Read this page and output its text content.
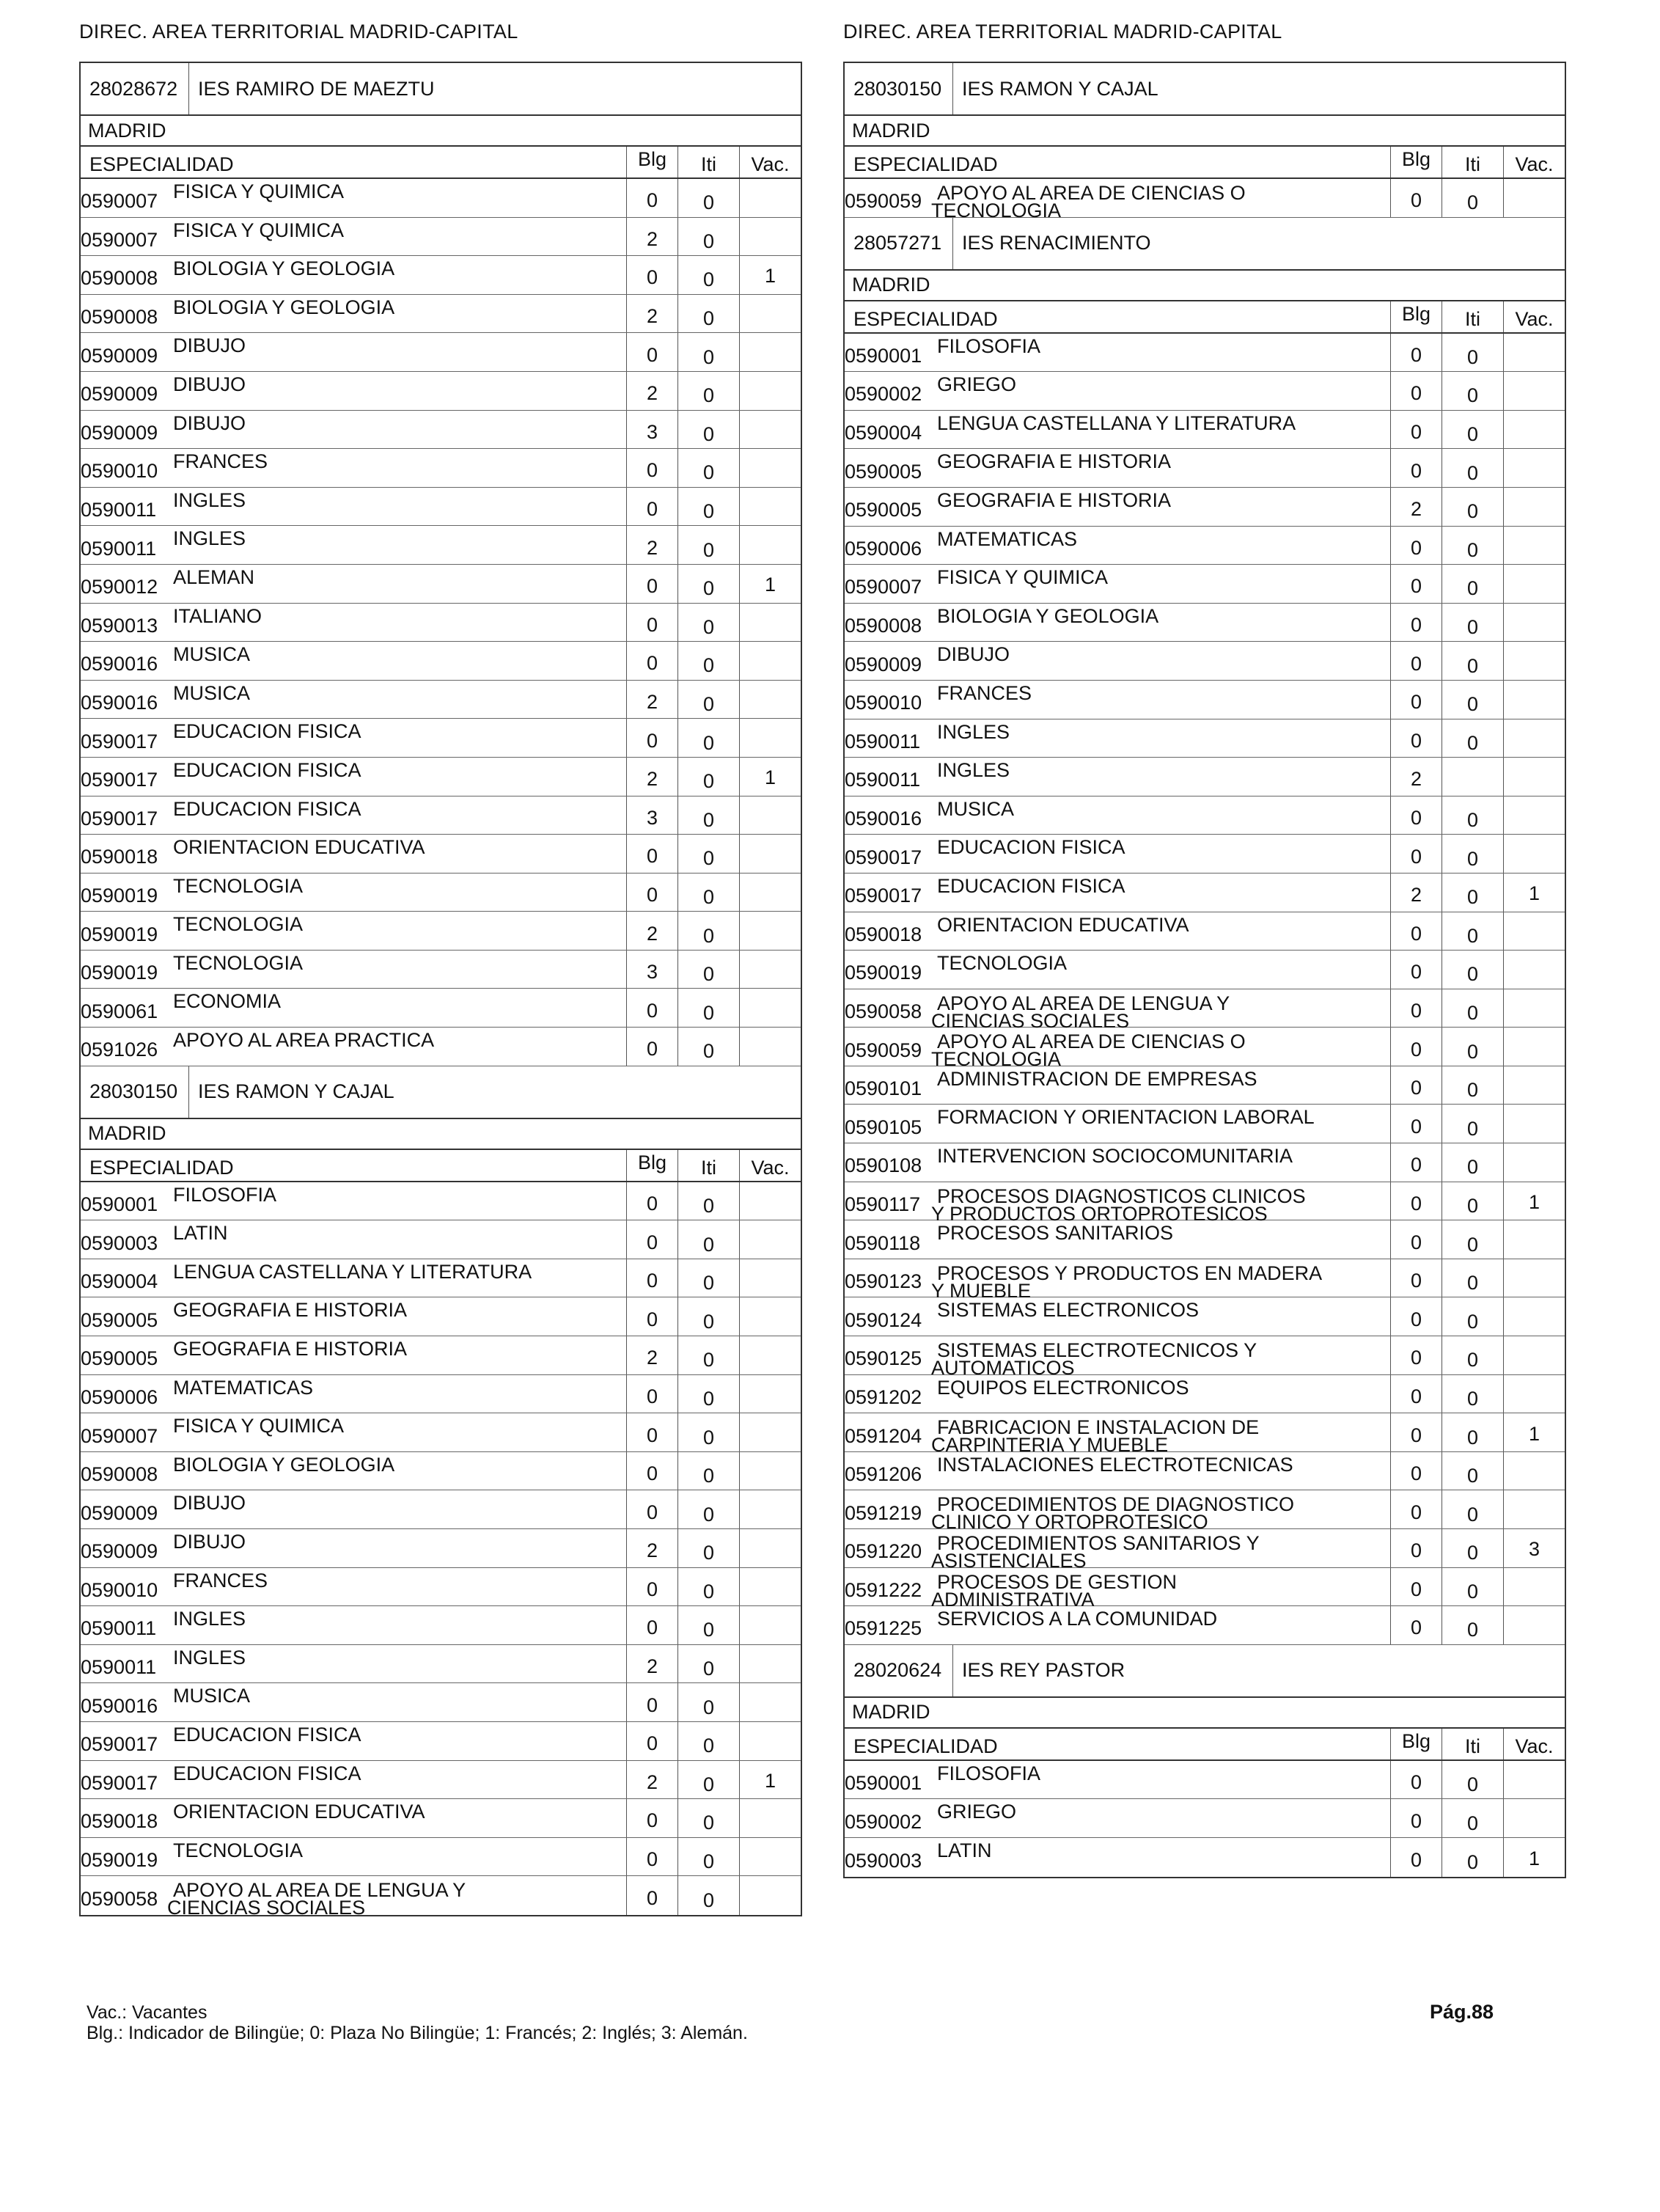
DIREC. AREA TERRITORIAL MADRID-CAPITAL
28028672	IES RAMIRO DE MAEZTU
MADRID
ESPECIALIDAD	Blg	Iti	Vac.
0590007 FISICA Y QUIMICA	0	0
0590007 FISICA Y QUIMICA	2	0
0590008 BIOLOGIA Y GEOLOGIA	0	0	1
0590008 BIOLOGIA Y GEOLOGIA	2	0
0590009 DIBUJO	0	0
0590009 DIBUJO	2	0
0590009 DIBUJO	3	0
0590010 FRANCES	0	0
0590011 INGLES	0	0
0590011 INGLES	2	0
0590012 ALEMAN	0	0	1
0590013 ITALIANO	0	0
0590016 MUSICA	0	0
0590016 MUSICA	2	0
0590017 EDUCACION FISICA	0	0
0590017 EDUCACION FISICA	2	0	1
0590017 EDUCACION FISICA	3	0
0590018 ORIENTACION EDUCATIVA	0	0
0590019 TECNOLOGIA	0	0
0590019 TECNOLOGIA	2	0
0590019 TECNOLOGIA	3	0
0590061 ECONOMIA	0	0
0591026 APOYO AL AREA PRACTICA	0	0
28030150	IES RAMON Y CAJAL
MADRID
ESPECIALIDAD	Blg	Iti	Vac.
0590001 FILOSOFIA	0	0
0590003 LATIN	0	0
0590004 LENGUA CASTELLANA Y LITERATURA	0	0
0590005 GEOGRAFIA E HISTORIA	0	0
0590005 GEOGRAFIA E HISTORIA	2	0
0590006 MATEMATICAS	0	0
0590007 FISICA Y QUIMICA	0	0
0590008 BIOLOGIA Y GEOLOGIA	0	0
0590009 DIBUJO	0	0
0590009 DIBUJO	2	0
0590010 FRANCES	0	0
0590011 INGLES	0	0
0590011 INGLES	2	0
0590016 MUSICA	0	0
0590017 EDUCACION FISICA	0	0
0590017 EDUCACION FISICA	2	0	1
0590018 ORIENTACION EDUCATIVA	0	0
0590019 TECNOLOGIA	0	0
0590058 APOYO AL AREA DE LENGUA Y
CIENCIAS SOCIALES	0	0
DIREC. AREA TERRITORIAL MADRID-CAPITAL
28030150	IES RAMON Y CAJAL
MADRID
ESPECIALIDAD	Blg	Iti	Vac.
0590059 APOYO AL AREA DE CIENCIAS O
TECNOLOGIA	0	0
28057271	IES RENACIMIENTO
MADRID
ESPECIALIDAD	Blg	Iti	Vac.
0590001 FILOSOFIA	0	0
0590002 GRIEGO	0	0
0590004 LENGUA CASTELLANA Y LITERATURA	0	0
0590005 GEOGRAFIA E HISTORIA	0	0
0590005 GEOGRAFIA E HISTORIA	2	0
0590006 MATEMATICAS	0	0
0590007 FISICA Y QUIMICA	0	0
0590008 BIOLOGIA Y GEOLOGIA	0	0
0590009 DIBUJO	0	0
0590010 FRANCES	0	0
0590011 INGLES	0	0
0590011 INGLES	2
0590016 MUSICA	0	0
0590017 EDUCACION FISICA	0	0
0590017 EDUCACION FISICA	2	0	1
0590018 ORIENTACION EDUCATIVA	0	0
0590019 TECNOLOGIA	0	0
0590058 APOYO AL AREA DE LENGUA Y
CIENCIAS SOCIALES	0	0
0590059 APOYO AL AREA DE CIENCIAS O
TECNOLOGIA	0	0
0590101 ADMINISTRACION DE EMPRESAS	0	0
0590105 FORMACION Y ORIENTACION LABORAL	0	0
0590108 INTERVENCION SOCIOCOMUNITARIA	0	0
0590117 PROCESOS DIAGNOSTICOS CLINICOS
Y PRODUCTOS ORTOPROTESICOS	0	0	1
0590118 PROCESOS SANITARIOS	0	0
0590123 PROCESOS Y PRODUCTOS EN MADERA
Y MUEBLE	0	0
0590124 SISTEMAS ELECTRONICOS	0	0
0590125 SISTEMAS ELECTROTECNICOS Y
AUTOMATICOS	0	0
0591202 EQUIPOS ELECTRONICOS	0	0
0591204 FABRICACION E INSTALACION DE
CARPINTERIA Y MUEBLE	0	0	1
0591206 INSTALACIONES ELECTROTECNICAS	0	0
0591219 PROCEDIMIENTOS DE DIAGNOSTICO
CLINICO Y ORTOPROTESICO	0	0
0591220 PROCEDIMIENTOS SANITARIOS Y
ASISTENCIALES	0	0	3
0591222 PROCESOS DE GESTION
ADMINISTRATIVA	0	0
0591225 SERVICIOS A LA COMUNIDAD	0	0
28020624	IES REY PASTOR
MADRID
ESPECIALIDAD	Blg	Iti	Vac.
0590001 FILOSOFIA	0	0
0590002 GRIEGO	0	0
0590003 LATIN	0	0	1
Vac.: Vacantes
Blg.: Indicador de Bilingüe; 0: Plaza No Bilingüe; 1: Francés; 2: Inglés; 3: Alemán.
Pág.88
